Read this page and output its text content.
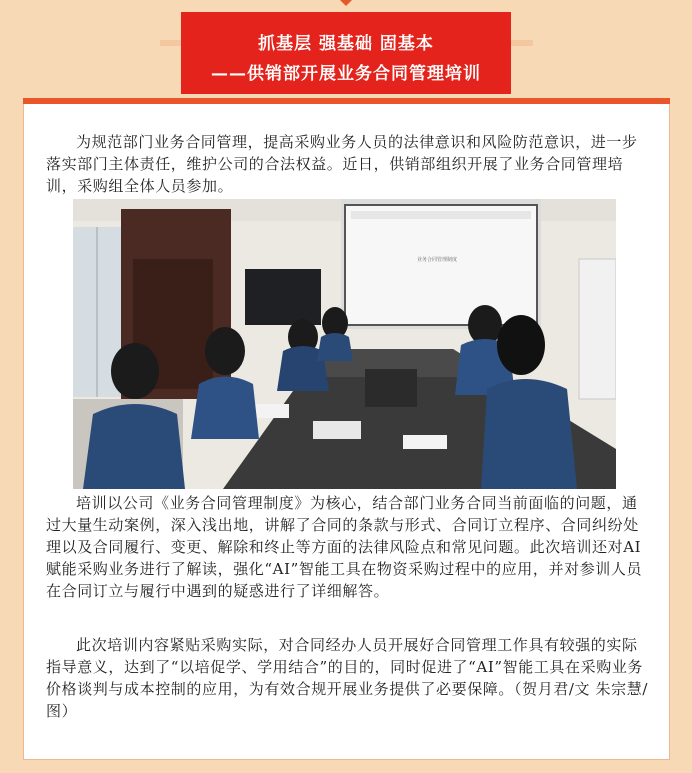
抓基层 强基础 固基本
——供销部开展业务合同管理培训

为规范部门业务合同管理，提高采购业务人员的法律意识和风险防范意识，进一步落实部门主体责任，维护公司的合法权益。近日，供销部组织开展了业务合同管理培训，采购组全体人员参加。

业务合同管理制度

培训以公司《业务合同管理制度》为核心，结合部门业务合同当前面临的问题，通过大量生动案例，深入浅出地，讲解了合同的条款与形式、合同订立程序、合同纠纷处理以及合同履行、变更、解除和终止等方面的法律风险点和常见问题。此次培训还对AI赋能采购业务进行了解读，强化“AI”智能工具在物资采购过程中的应用，并对参训人员在合同订立与履行中遇到的疑惑进行了详细解答。

此次培训内容紧贴采购实际，对合同经办人员开展好合同管理工作具有较强的实际指导意义，达到了“以培促学、学用结合”的目的，同时促进了“AI”智能工具在采购业务价格谈判与成本控制的应用，为有效合规开展业务提供了必要保障。（贺月君/文 朱宗慧/图）
